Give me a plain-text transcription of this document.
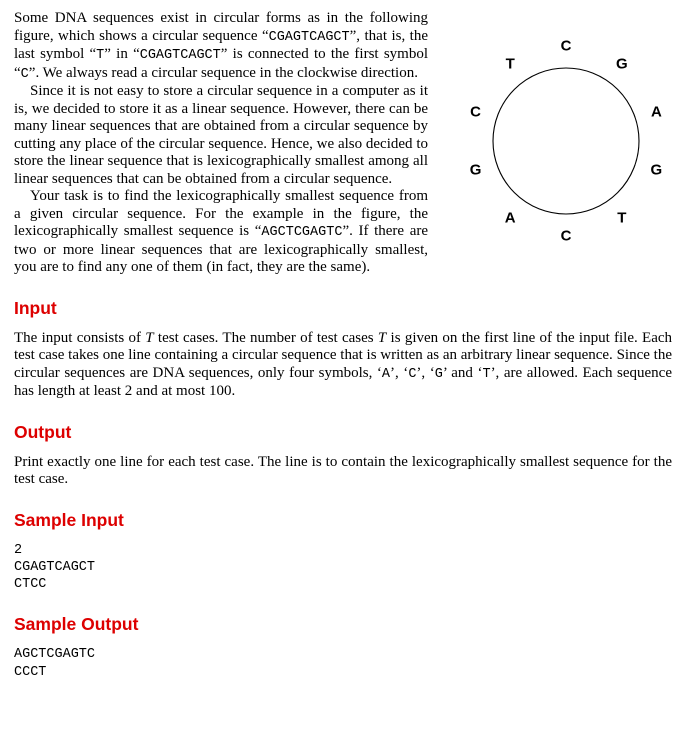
C
G
A
G
T
C
A
G
C
T

Some DNA sequences exist in circular forms as in the following figure, which shows a circular sequence “CGAGTCAGCT”, that is, the last symbol “T” in “CGAGTCAGCT” is connected to the first symbol “C”. We always read a circular sequence in the clockwise direction.

Since it is not easy to store a circular sequence in a computer as it is, we decided to store it as a linear sequence. However, there can be many linear sequences that are obtained from a circular sequence by cutting any place of the circular sequence. Hence, we also decided to store the linear sequence that is lexicographically smallest among all linear sequences that can be obtained from a circular sequence.

Your task is to find the lexicographically smallest sequence from a given circular sequence. For the example in the figure, the lexicographically smallest sequence is “AGCTCGAGTC”. If there are two or more linear sequences that are lexicographically smallest, you are to find any one of them (in fact, they are the same).

Input

The input consists of T test cases. The number of test cases T is given on the first line of the input file. Each test case takes one line containing a circular sequence that is written as an arbitrary linear sequence. Since the circular sequences are DNA sequences, only four symbols, ‘A’, ‘C’, ‘G’ and ‘T’, are allowed. Each sequence has length at least 2 and at most 100.

Output

Print exactly one line for each test case. The line is to contain the lexicographically smallest sequence for the test case.

Sample Input
2
CGAGTCAGCT
CTCC
Sample Output
AGCTCGAGTC
CCCT
